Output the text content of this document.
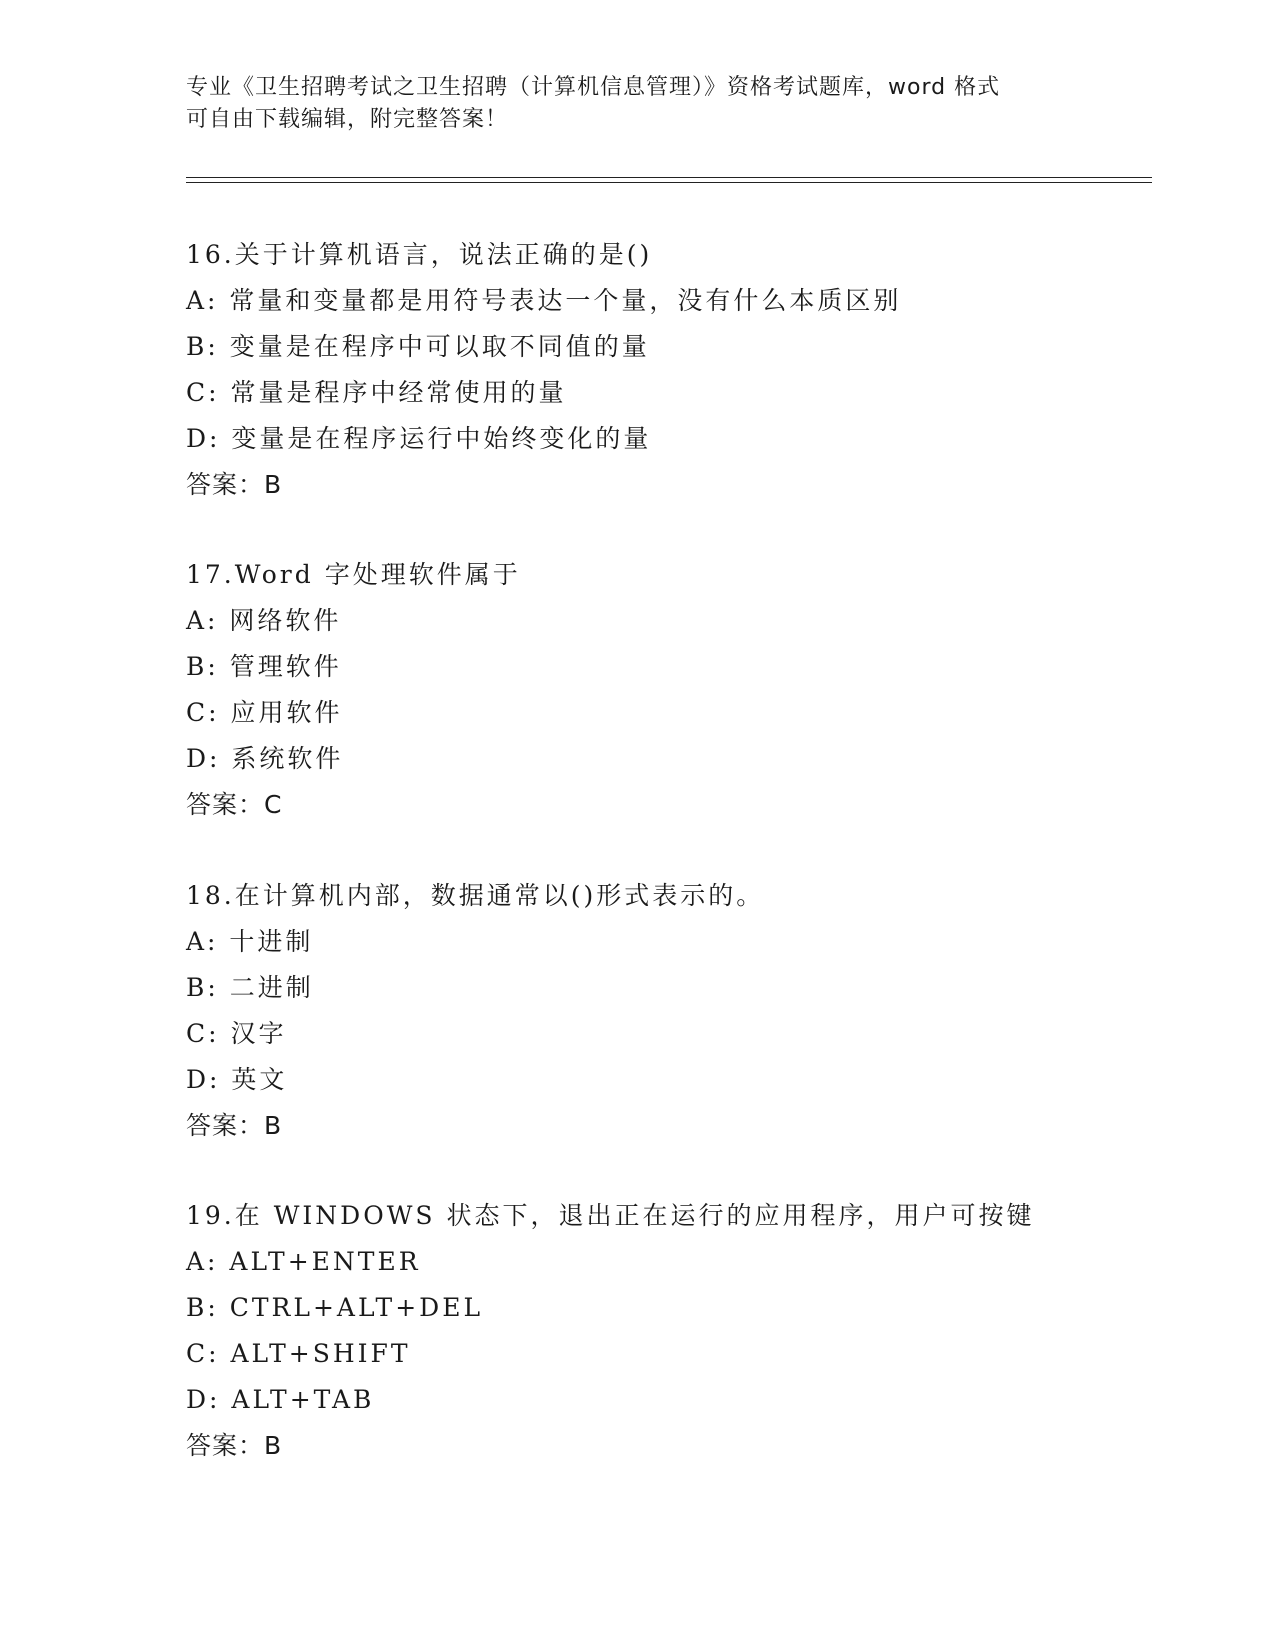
专业《卫生招聘考试之卫生招聘（计算机信息管理）》资格考试题库，word 格式
可自由下载编辑，附完整答案！
16.关于计算机语言，说法正确的是()
A: 常量和变量都是用符号表达一个量，没有什么本质区别
B: 变量是在程序中可以取不同值的量
C: 常量是程序中经常使用的量
D: 变量是在程序运行中始终变化的量
答案：B
17.Word 字处理软件属于
A: 网络软件
B: 管理软件
C: 应用软件
D: 系统软件
答案：C
18.在计算机内部，数据通常以()形式表示的。
A: 十进制
B: 二进制
C: 汉字
D: 英文
答案：B
19.在 WINDOWS 状态下，退出正在运行的应用程序，用户可按键
A: ALT+ENTER
B: CTRL+ALT+DEL
C: ALT+SHIFT
D: ALT+TAB
答案：B
